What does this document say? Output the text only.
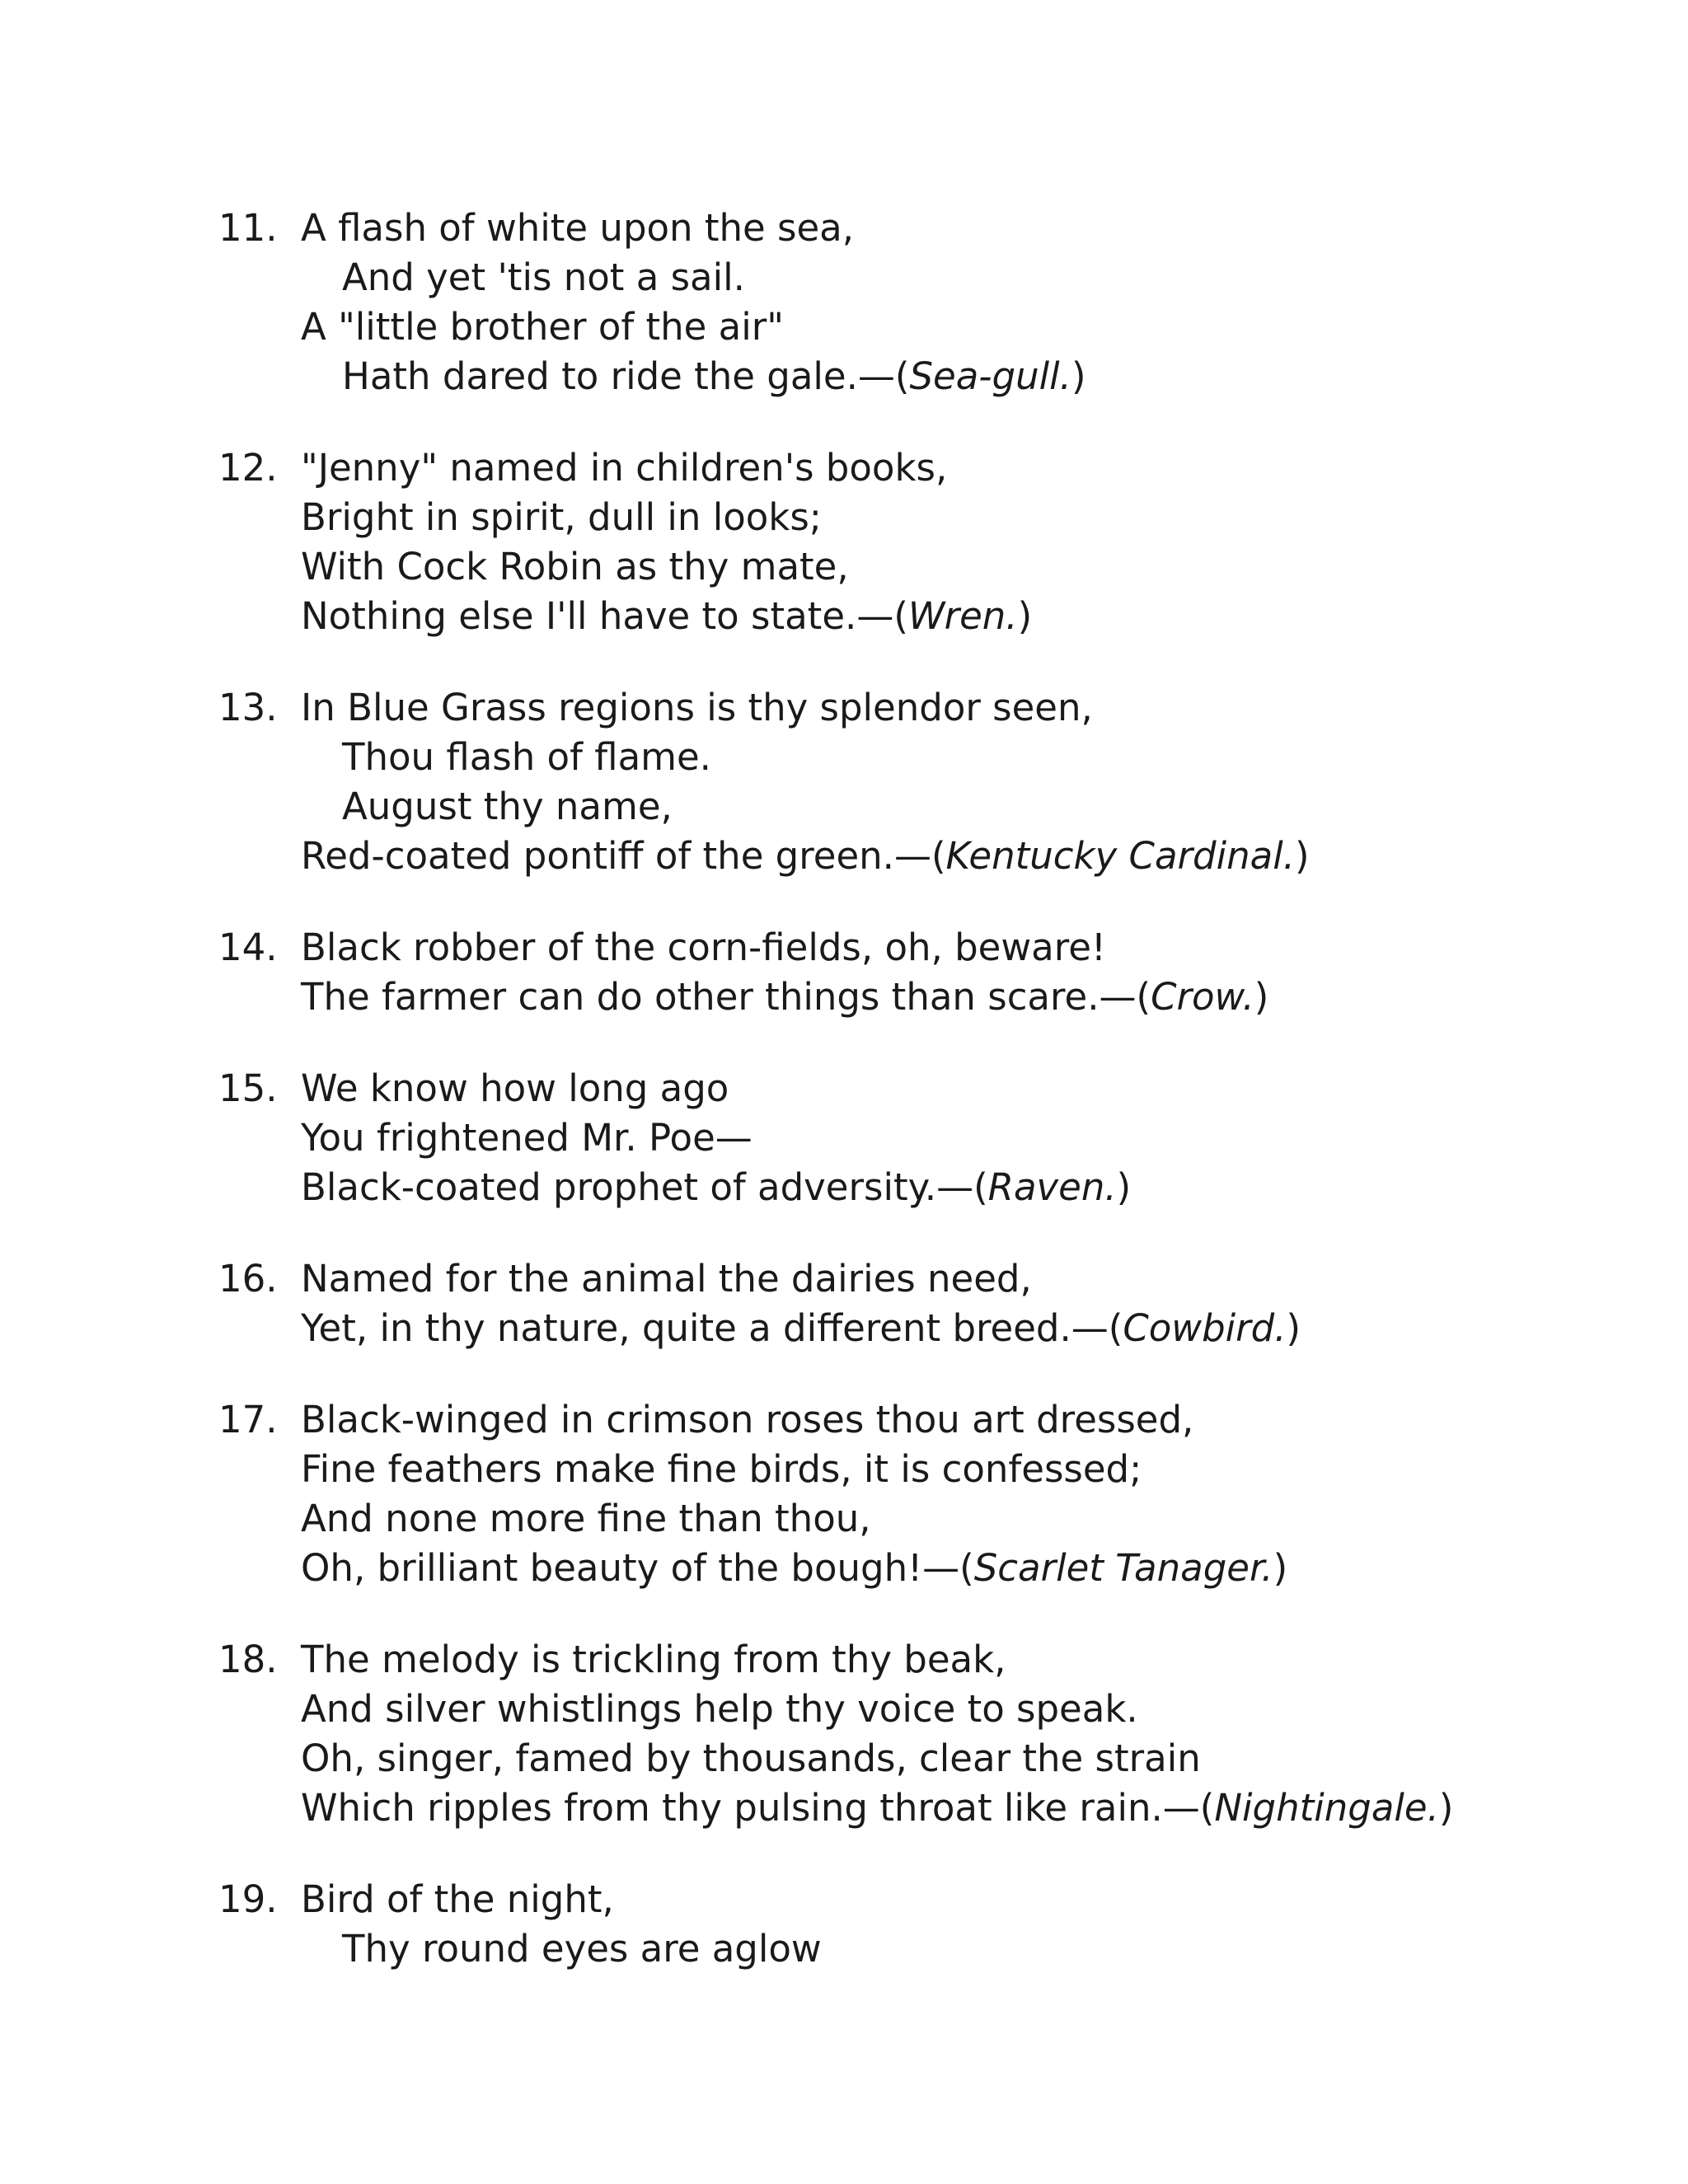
11. A flash of white upon the sea,
And yet 'tis not a sail.
A "little brother of the air"
Hath dared to ride the gale.—(Sea-gull.)
12. "Jenny" named in children's books,
Bright in spirit, dull in looks;
With Cock Robin as thy mate,
Nothing else I'll have to state.—(Wren.)
13. In Blue Grass regions is thy splendor seen,
Thou flash of flame.
August thy name,
Red-coated pontiff of the green.—(Kentucky Cardinal.)
14. Black robber of the corn-fields, oh, beware!
The farmer can do other things than scare.—(Crow.)
15. We know how long ago
You frightened Mr. Poe—
Black-coated prophet of adversity.—(Raven.)
16. Named for the animal the dairies need,
Yet, in thy nature, quite a different breed.—(Cowbird.)
17. Black-winged in crimson roses thou art dressed,
Fine feathers make fine birds, it is confessed;
And none more fine than thou,
Oh, brilliant beauty of the bough!—(Scarlet Tanager.)
18. The melody is trickling from thy beak,
And silver whistlings help thy voice to speak.
Oh, singer, famed by thousands, clear the strain
Which ripples from thy pulsing throat like rain.—(Nightingale.)
19. Bird of the night,
Thy round eyes are aglow
